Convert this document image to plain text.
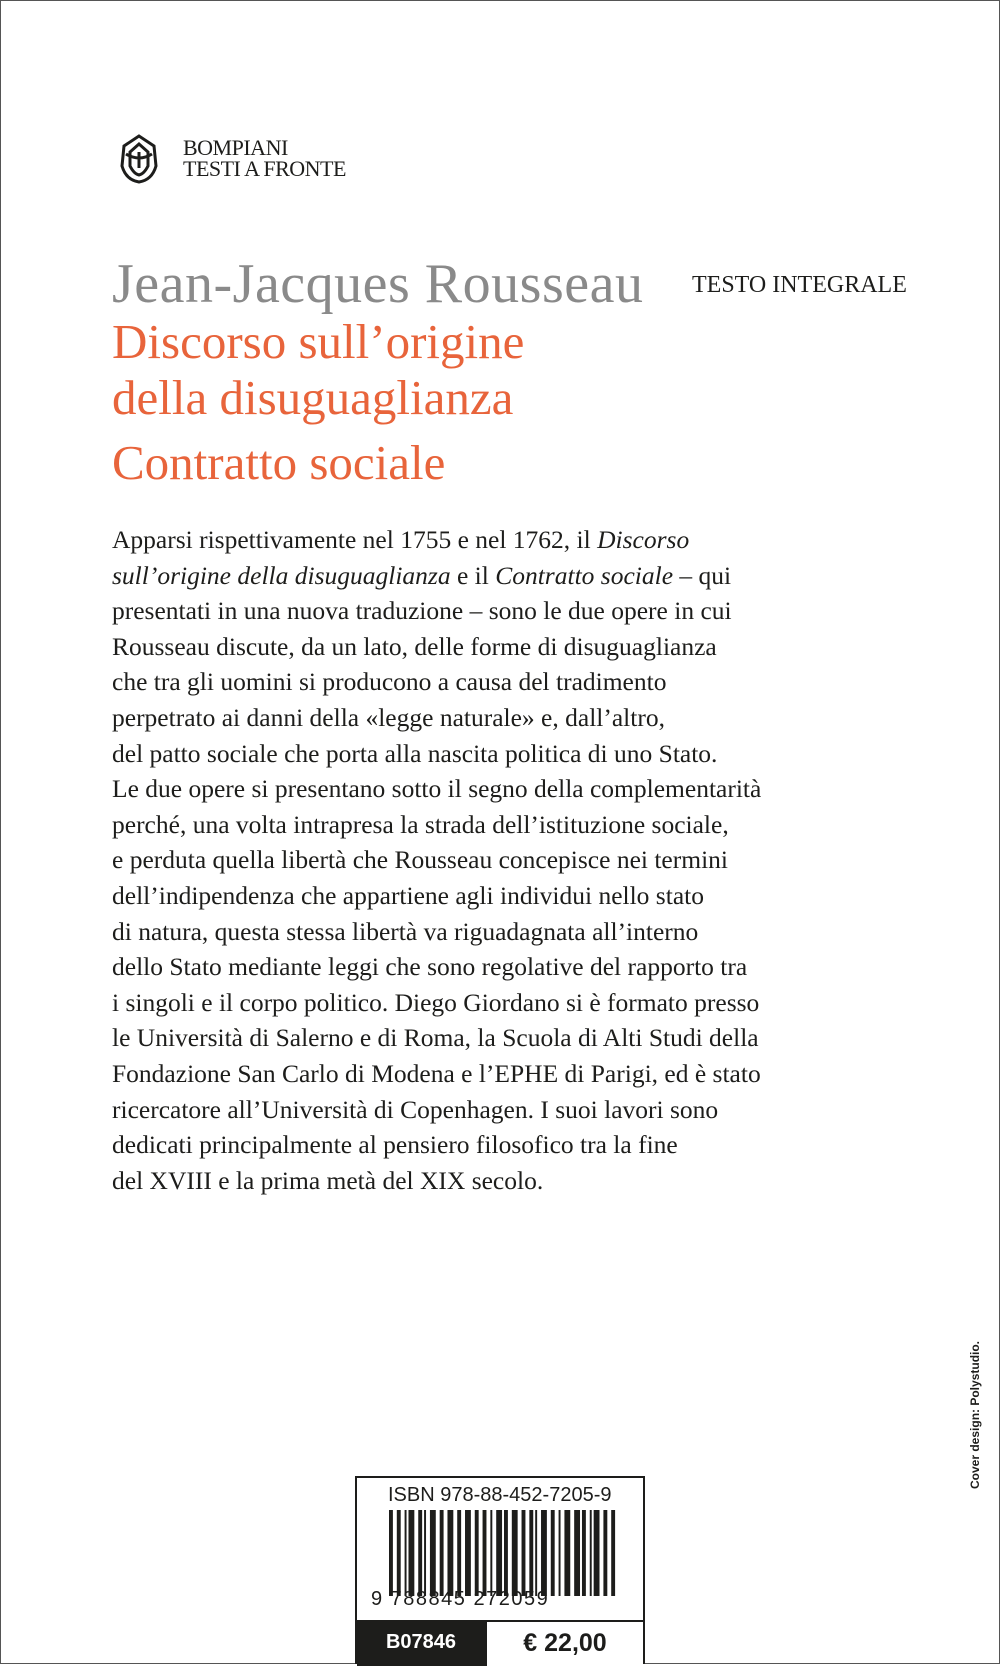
BOMPIANI
TESTI A FRONTE
Jean-Jacques Rousseau TESTO INTEGRALE
Discorso sull’origine
della disuguaglianza
Contratto sociale
Apparsi rispettivamente nel 1755 e nel 1762, il Discorso
sull’origine della disuguaglianza e il Contratto sociale – qui
presentati in una nuova traduzione – sono le due opere in cui
Rousseau discute, da un lato, delle forme di disuguaglianza
che tra gli uomini si producono a causa del tradimento
perpetrato ai danni della «legge naturale» e, dall’altro,
del patto sociale che porta alla nascita politica di uno Stato.
Le due opere si presentano sotto il segno della complementarità
perché, una volta intrapresa la strada dell’istituzione sociale,
e perduta quella libertà che Rousseau concepisce nei termini
dell’indipendenza che appartiene agli individui nello stato
di natura, questa stessa libertà va riguadagnata all’interno
dello Stato mediante leggi che sono regolative del rapporto tra
i singoli e il corpo politico. Diego Giordano si è formato presso
le Università di Salerno e di Roma, la Scuola di Alti Studi della
Fondazione San Carlo di Modena e l’EPHE di Parigi, ed è stato
ricercatore all’Università di Copenhagen. I suoi lavori sono
dedicati principalmente al pensiero filosofico tra la fine
del XVIII e la prima metà del XIX secolo.
Cover design: Polystudio.
ISBN 978-88-452-7205-9
9 788845 272059
B07846	€ 22,00
